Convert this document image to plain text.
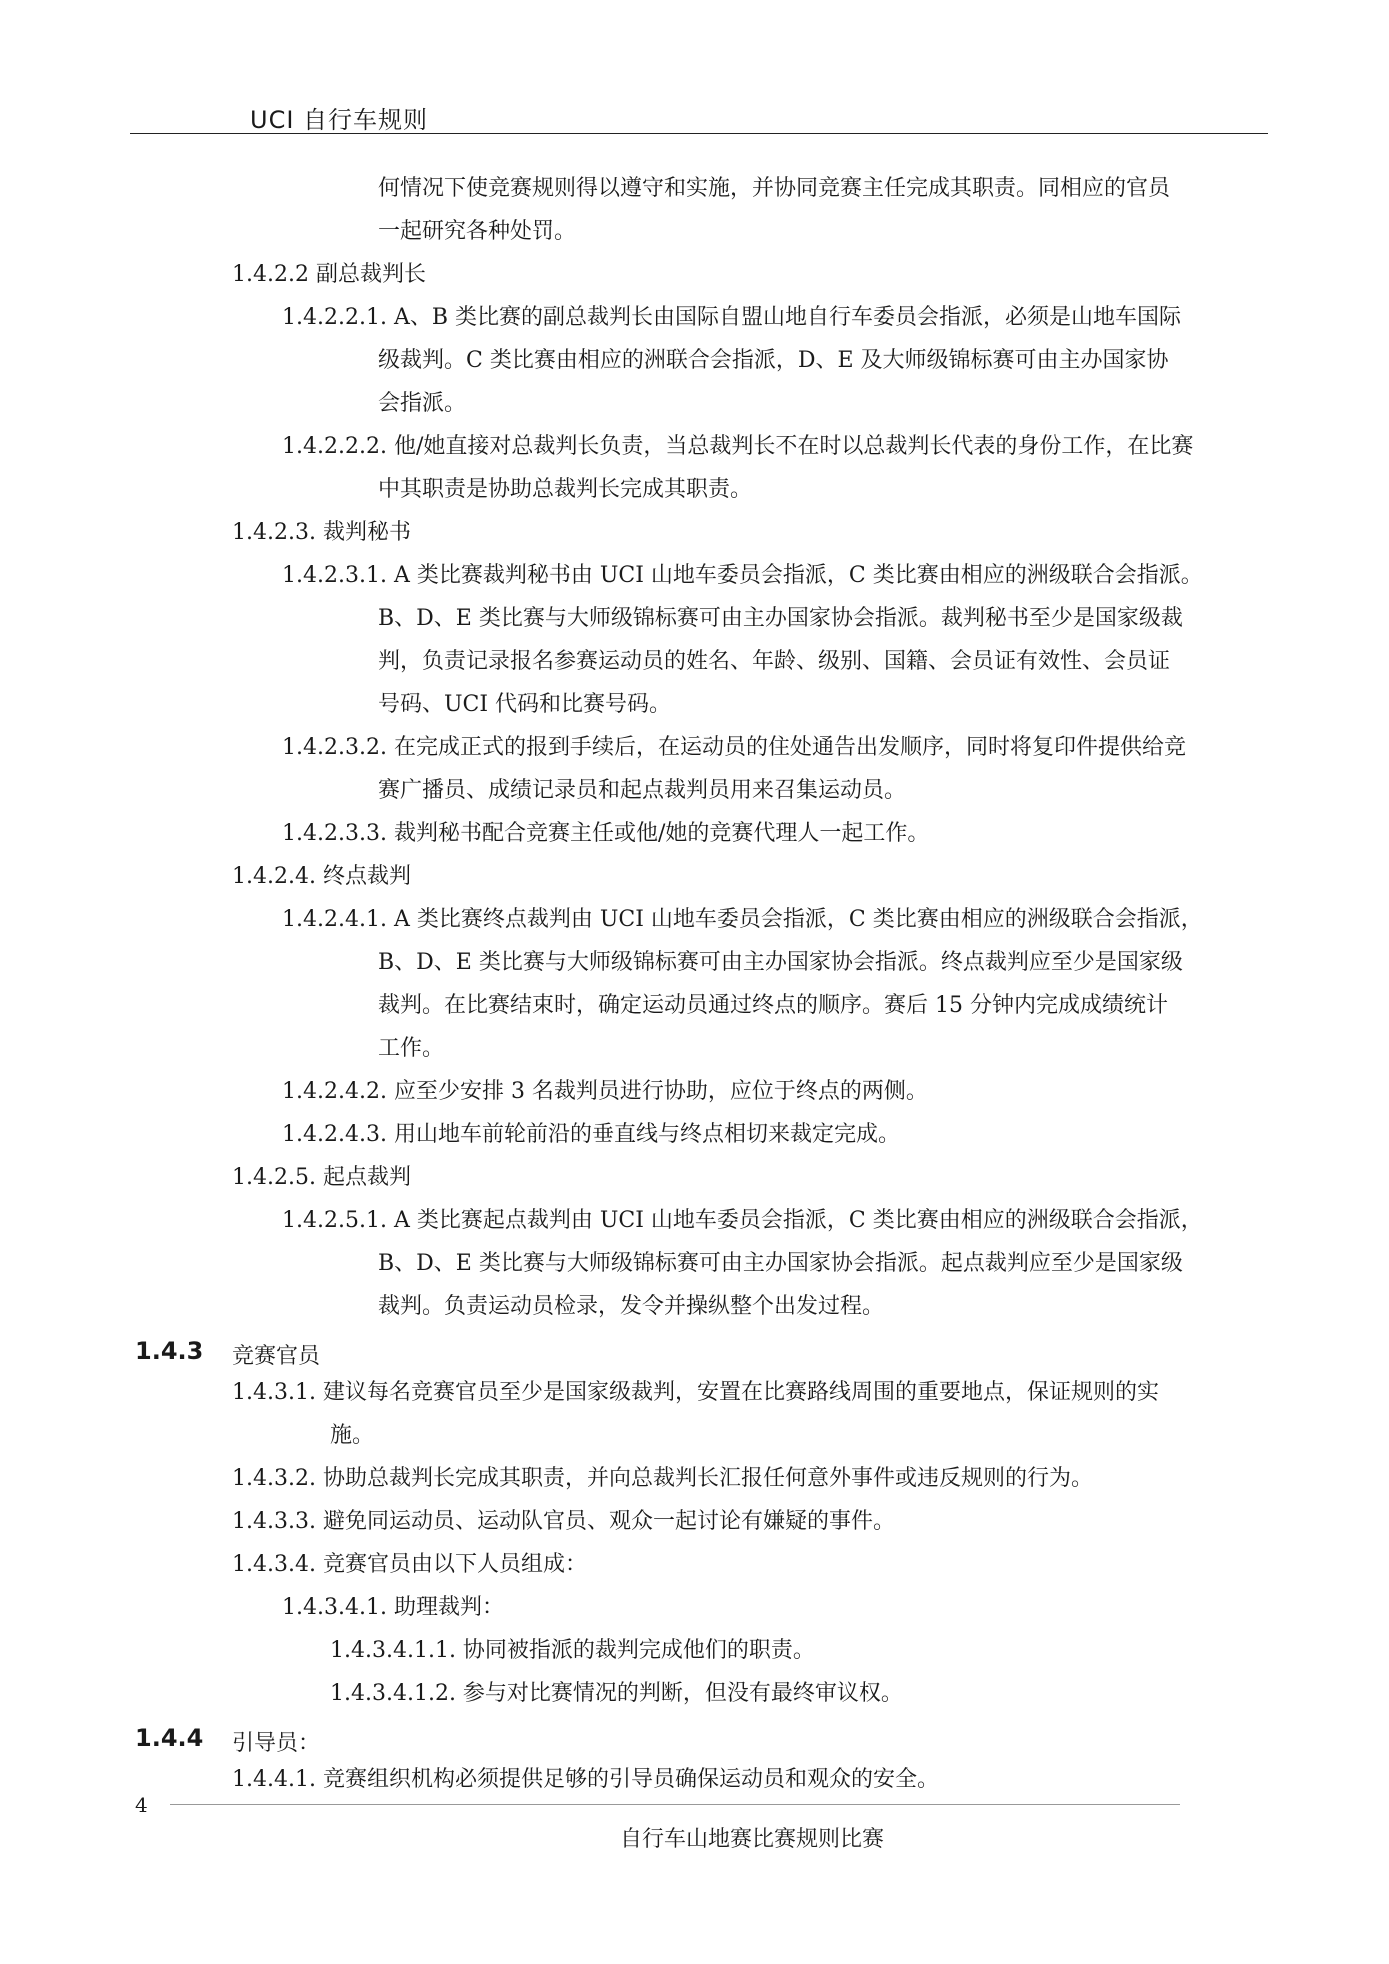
UCI 自行车规则
何情况下使竞赛规则得以遵守和实施，并协同竞赛主任完成其职责。同相应的官员
一起研究各种处罚。
1.4.2.2 副总裁判长
1.4.2.2.1. A、B 类比赛的副总裁判长由国际自盟山地自行车委员会指派，必须是山地车国际
级裁判。C 类比赛由相应的洲联合会指派，D、E 及大师级锦标赛可由主办国家协
会指派。
1.4.2.2.2. 他/她直接对总裁判长负责，当总裁判长不在时以总裁判长代表的身份工作，在比赛
中其职责是协助总裁判长完成其职责。
1.4.2.3. 裁判秘书
1.4.2.3.1. A 类比赛裁判秘书由 UCI 山地车委员会指派，C 类比赛由相应的洲级联合会指派。
B、D、E 类比赛与大师级锦标赛可由主办国家协会指派。裁判秘书至少是国家级裁
判，负责记录报名参赛运动员的姓名、年龄、级别、国籍、会员证有效性、会员证
号码、UCI 代码和比赛号码。
1.4.2.3.2. 在完成正式的报到手续后，在运动员的住处通告出发顺序，同时将复印件提供给竞
赛广播员、成绩记录员和起点裁判员用来召集运动员。
1.4.2.3.3. 裁判秘书配合竞赛主任或他/她的竞赛代理人一起工作。
1.4.2.4. 终点裁判
1.4.2.4.1. A 类比赛终点裁判由 UCI 山地车委员会指派，C 类比赛由相应的洲级联合会指派，
B、D、E 类比赛与大师级锦标赛可由主办国家协会指派。终点裁判应至少是国家级
裁判。在比赛结束时，确定运动员通过终点的顺序。赛后 15 分钟内完成成绩统计
工作。
1.4.2.4.2. 应至少安排 3 名裁判员进行协助，应位于终点的两侧。
1.4.2.4.3. 用山地车前轮前沿的垂直线与终点相切来裁定完成。
1.4.2.5. 起点裁判
1.4.2.5.1. A 类比赛起点裁判由 UCI 山地车委员会指派，C 类比赛由相应的洲级联合会指派，
B、D、E 类比赛与大师级锦标赛可由主办国家协会指派。起点裁判应至少是国家级
裁判。负责运动员检录，发令并操纵整个出发过程。
1.4.3.1. 建议每名竞赛官员至少是国家级裁判，安置在比赛路线周围的重要地点，保证规则的实
施。
1.4.3.2. 协助总裁判长完成其职责，并向总裁判长汇报任何意外事件或违反规则的行为。
1.4.3.3. 避免同运动员、运动队官员、观众一起讨论有嫌疑的事件。
1.4.3.4. 竞赛官员由以下人员组成：
1.4.3.4.1. 助理裁判：
1.4.3.4.1.1. 协同被指派的裁判完成他们的职责。
1.4.3.4.1.2. 参与对比赛情况的判断，但没有最终审议权。
1.4.4.1. 竞赛组织机构必须提供足够的引导员确保运动员和观众的安全。
1.4.3 竞赛官员
1.4.4 引导员：
4
自行车山地赛比赛规则比赛
